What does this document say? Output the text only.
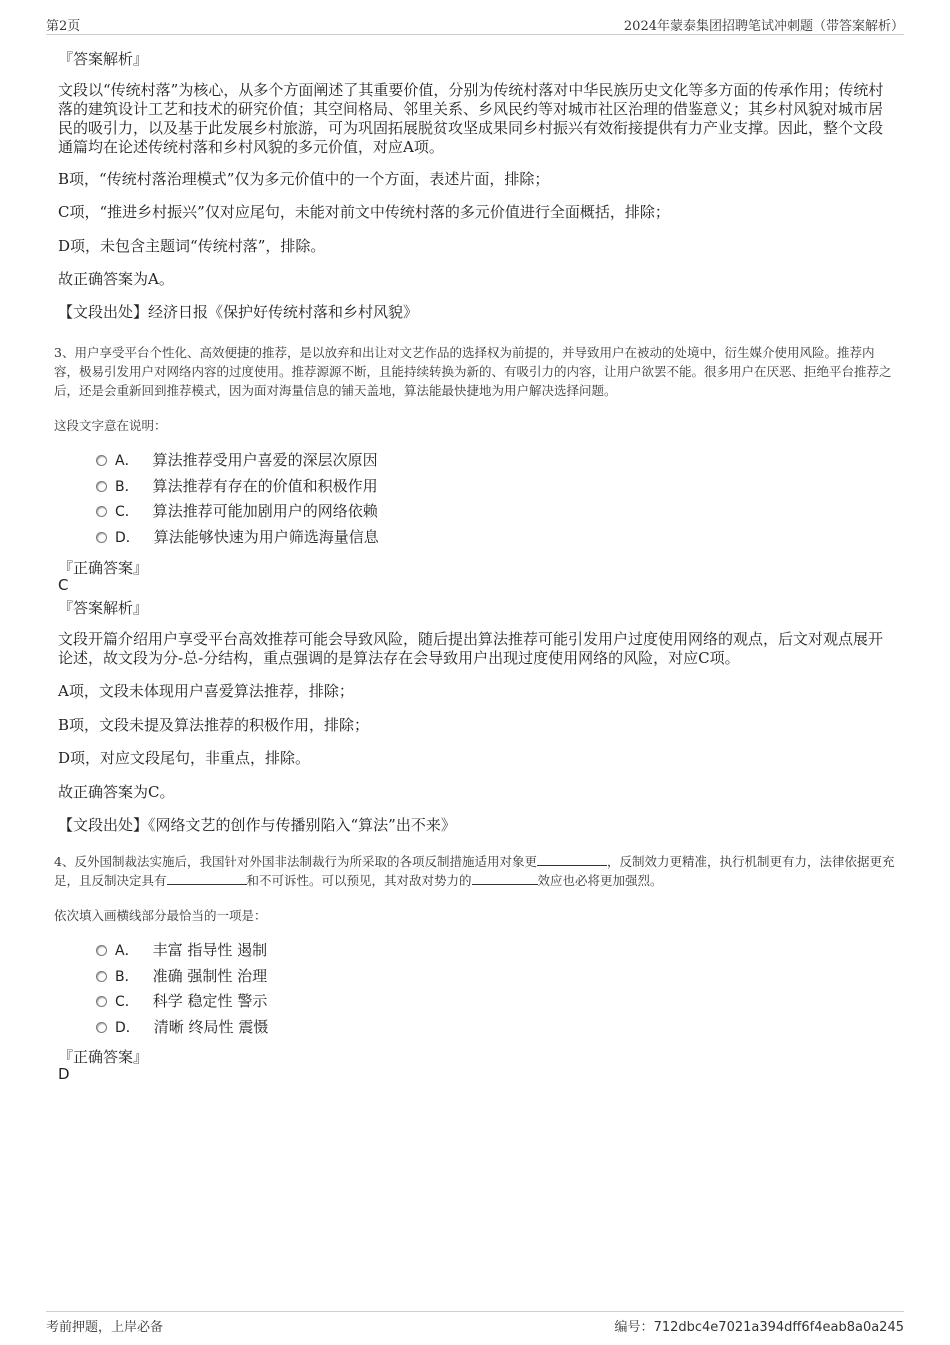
第2页	2024年蒙泰集团招聘笔试冲刺题（带答案解析）
『答案解析』
文段以“传统村落”为核心，从多个方面阐述了其重要价值，分别为传统村落对中华民族历史文化等多方面的传承作用；传统村落的建筑设计工艺和技术的研究价值；其空间格局、邻里关系、乡风民约等对城市社区治理的借鉴意义；其乡村风貌对城市居民的吸引力，以及基于此发展乡村旅游，可为巩固拓展脱贫攻坚成果同乡村振兴有效衔接提供有力产业支撑。因此，整个文段通篇均在论述传统村落和乡村风貌的多元价值，对应A项。
B项，“传统村落治理模式”仅为多元价值中的一个方面，表述片面，排除；
C项，“推进乡村振兴”仅对应尾句，未能对前文中传统村落的多元价值进行全面概括，排除；
D项，未包含主题词“传统村落”，排除。
故正确答案为A。
【文段出处】经济日报《保护好传统村落和乡村风貌》
3、用户享受平台个性化、高效便捷的推荐，是以放弃和出让对文艺作品的选择权为前提的，并导致用户在被动的处境中，衍生媒介使用风险。推荐内容，极易引发用户对网络内容的过度使用。推荐源源不断，且能持续转换为新的、有吸引力的内容，让用户欲罢不能。很多用户在厌恶、拒绝平台推荐之后，还是会重新回到推荐模式，因为面对海量信息的铺天盖地，算法能最快捷地为用户解决选择问题。
这段文字意在说明：
A． 算法推荐受用户喜爱的深层次原因
B． 算法推荐有存在的价值和积极作用
C． 算法推荐可能加剧用户的网络依赖
D． 算法能够快速为用户筛选海量信息
『正确答案』
C
『答案解析』
文段开篇介绍用户享受平台高效推荐可能会导致风险，随后提出算法推荐可能引发用户过度使用网络的观点，后文对观点展开论述，故文段为分-总-分结构，重点强调的是算法存在会导致用户出现过度使用网络的风险，对应C项。
A项，文段未体现用户喜爱算法推荐，排除；
B项，文段未提及算法推荐的积极作用，排除；
D项，对应文段尾句，非重点，排除。
故正确答案为C。
【文段出处】《网络文艺的创作与传播别陷入“算法”出不来》
4、反外国制裁法实施后，我国针对外国非法制裁行为所采取的各项反制措施适用对象更	，反制效力更精准，执行机制更有力，法律依据更充足，且反制决定具有	和不可诉性。可以预见，其对敌对势力的	效应也必将更加强烈。
依次填入画横线部分最恰当的一项是：
A． 丰富 指导性 遏制
B． 准确 强制性 治理
C． 科学 稳定性 警示
D． 清晰 终局性 震慑
『正确答案』
D
考前押题，上岸必备	编号：712dbc4e7021a394dff6f4eab8a0a245
